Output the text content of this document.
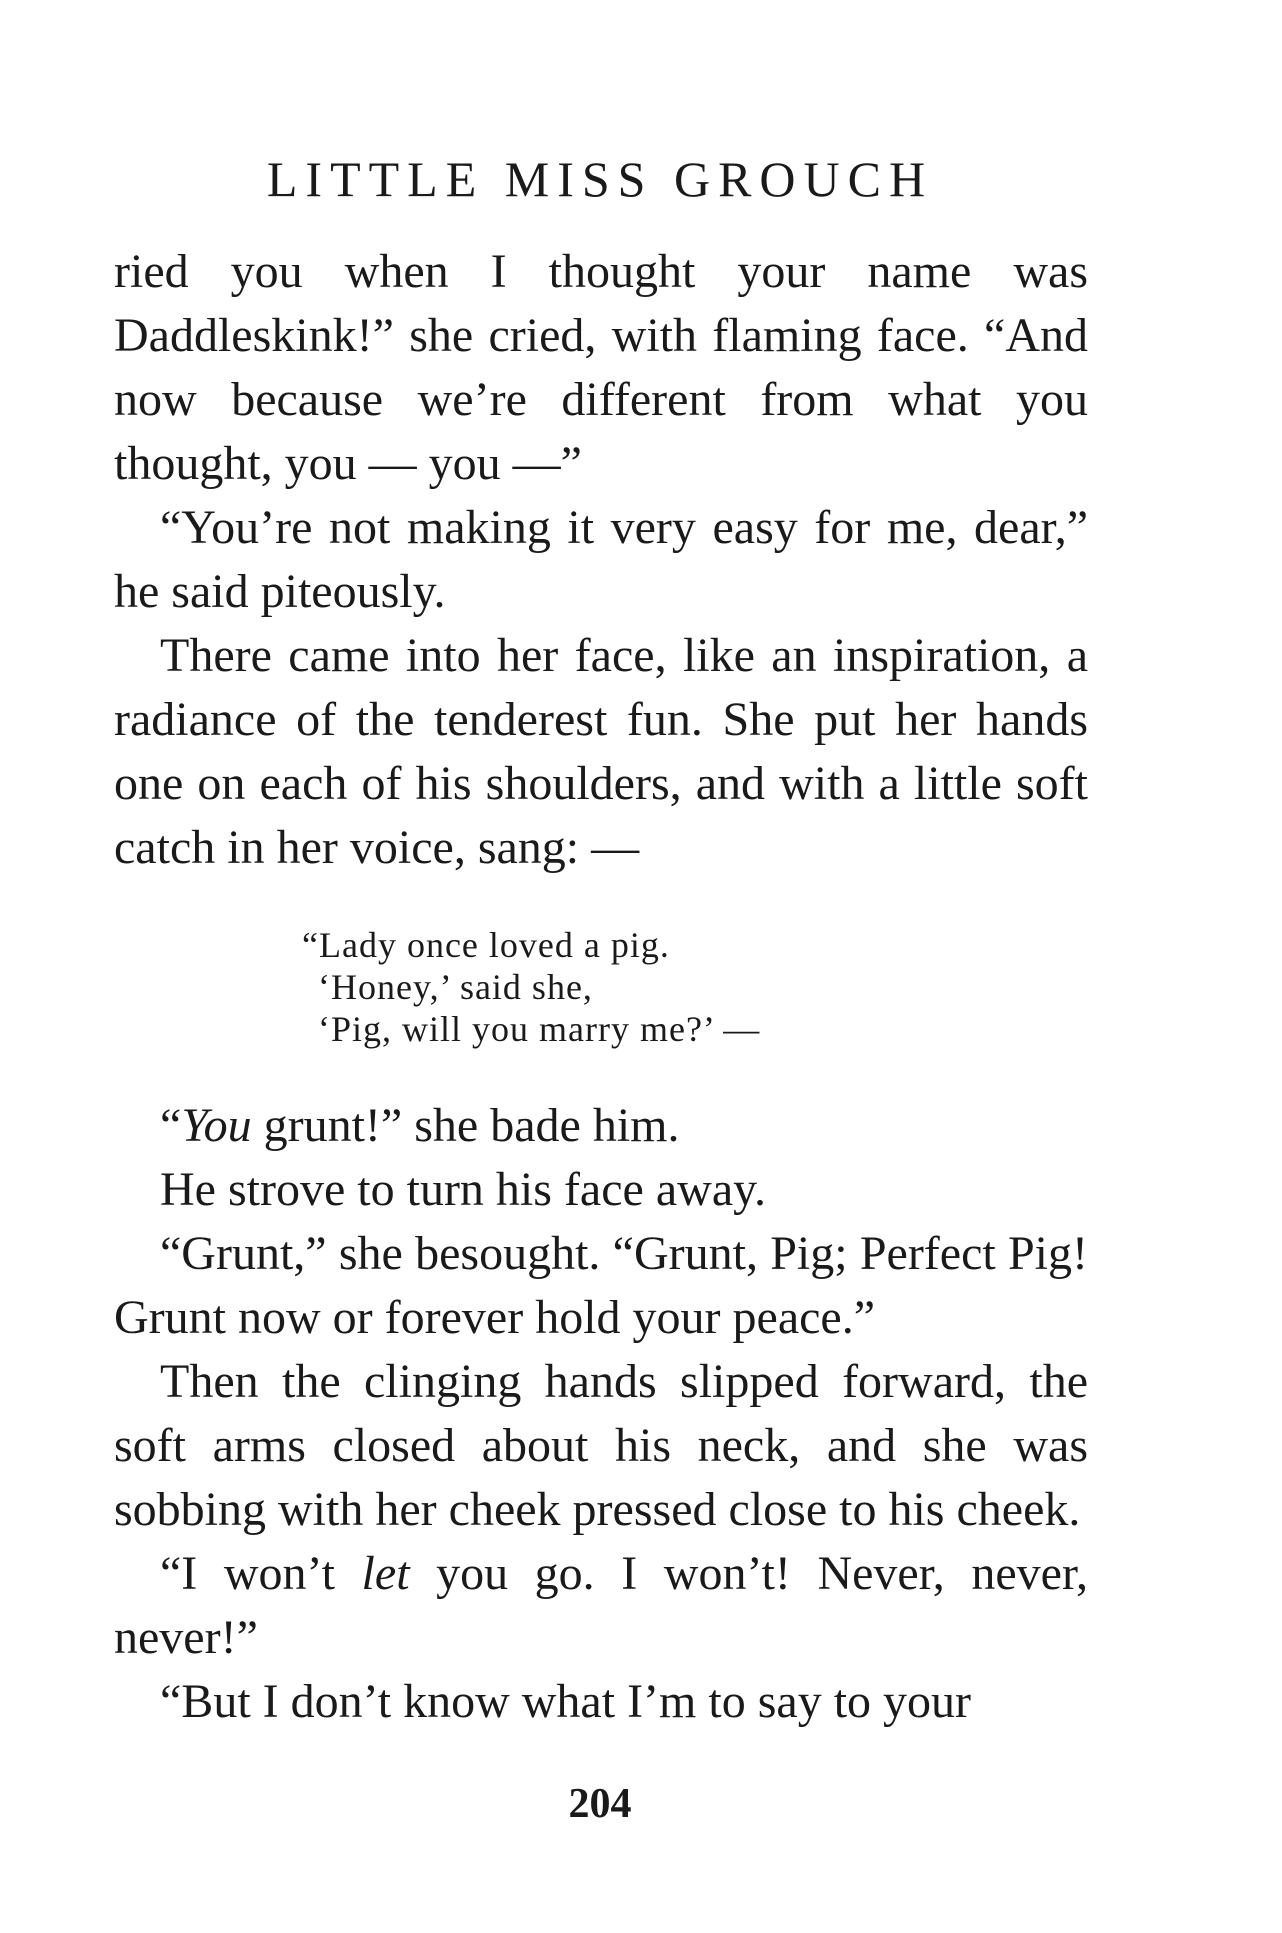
LITTLE MISS GROUCH

ried you when I thought your name was Daddleskink!” she cried, with flaming face. “And now because we’re different from what you thought, you — you —”

“You’re not making it very easy for me, dear,” he said piteously.

There came into her face, like an inspiration, a radiance of the tenderest fun. She put her hands one on each of his shoulders, and with a little soft catch in her voice, sang: —

“Lady once loved a pig.
‘Honey,’ said she,
‘Pig, will you marry me?’ —

“You grunt!” she bade him.

He strove to turn his face away.

“Grunt,” she besought. “Grunt, Pig; Perfect Pig! Grunt now or forever hold your peace.”

Then the clinging hands slipped forward, the soft arms closed about his neck, and she was sobbing with her cheek pressed close to his cheek.

“I won’t let you go. I won’t! Never, never, never!”

“But I don’t know what I’m to say to your

204
